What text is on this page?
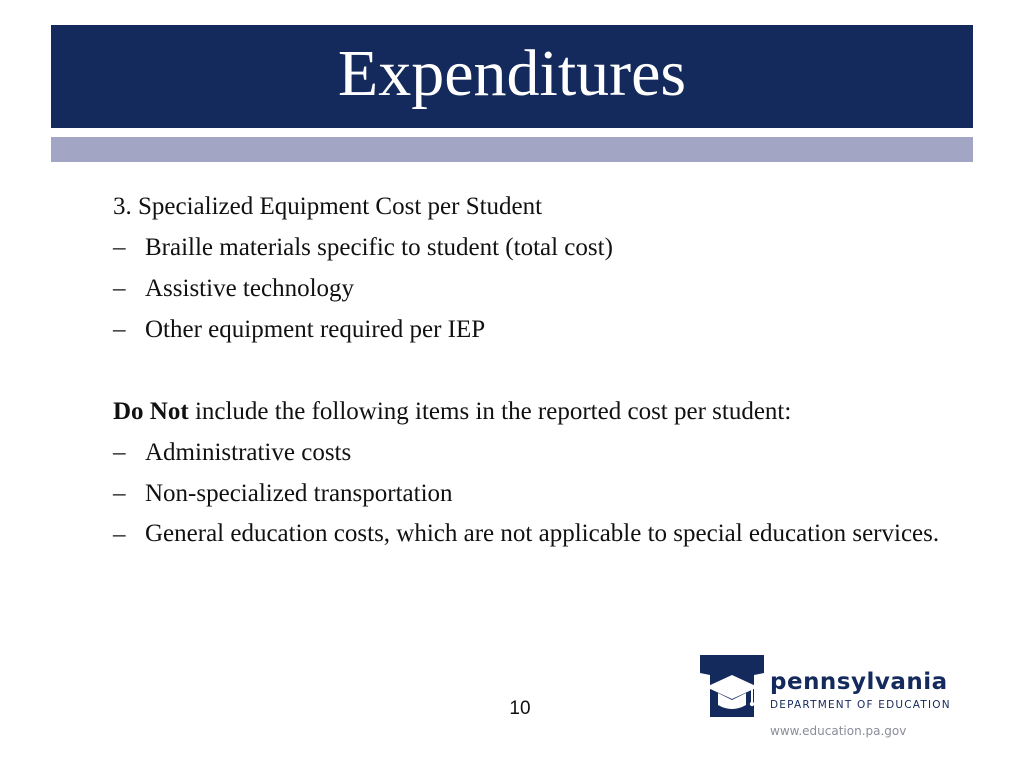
Expenditures
3. Specialized Equipment Cost per Student
– Braille materials specific to student (total cost)
– Assistive technology
– Other equipment required per IEP
Do Not include the following items in the reported cost per student:
– Administrative costs
– Non-specialized transportation
– General education costs, which are not applicable to special education services.
10
pennsylvania
DEPARTMENT OF EDUCATION
www.education.pa.gov
